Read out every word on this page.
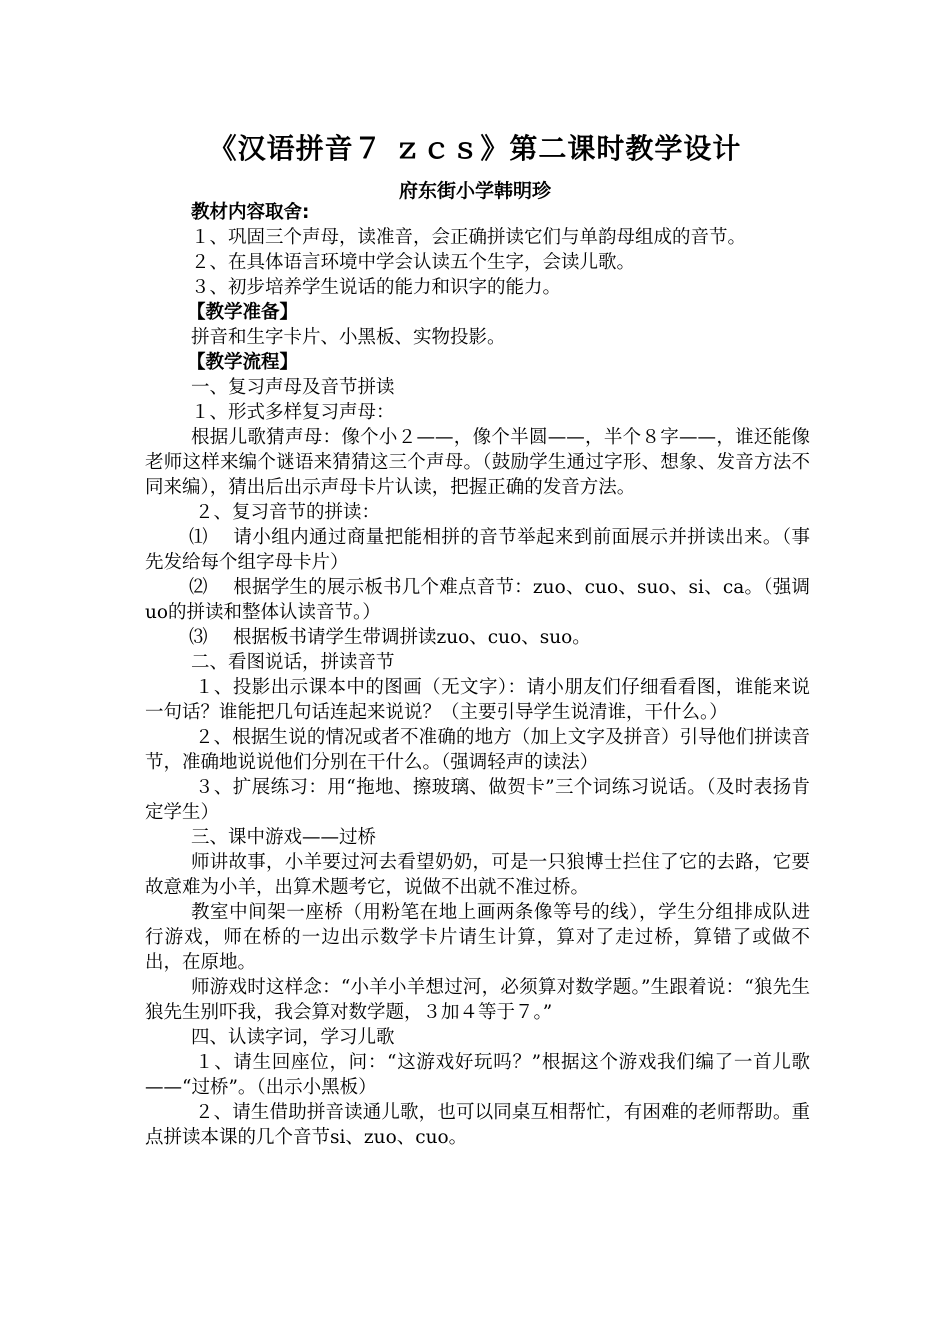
《汉语拼音７ ｚｃｓ》第二课时教学设计
府东街小学韩明珍

教材内容取舍:

１、巩固三个声母，读准音，会正确拼读它们与单韵母组成的音节。

２、在具体语言环境中学会认读五个生字，会读儿歌。

３、初步培养学生说话的能力和识字的能力。

【教学准备】

拼音和生字卡片、小黑板、实物投影。

【教学流程】

一、复习声母及音节拼读

１、形式多样复习声母：

根据儿歌猜声母：像个小２——，像个半圆——，半个８字——，谁还能像老师这样来编个谜语来猜猜这三个声母。（鼓励学生通过字形、想象、发音方法不同来编），猜出后出示声母卡片认读，把握正确的发音方法。

２、复习音节的拼读：

⑴ 请小组内通过商量把能相拼的音节举起来到前面展示并拼读出来。（事先发给每个组字母卡片）

⑵ 根据学生的展示板书几个难点音节：zuo、cuo、suo、si、ca。（强调uo的拼读和整体认读音节。）

⑶ 根据板书请学生带调拼读zuo、cuo、suo。

二、看图说话，拼读音节

１、投影出示课本中的图画（无文字）：请小朋友们仔细看看图，谁能来说一句话？谁能把几句话连起来说说？（主要引导学生说清谁，干什么。）

２、根据生说的情况或者不准确的地方（加上文字及拼音）引导他们拼读音节，准确地说说他们分别在干什么。（强调轻声的读法）

３、扩展练习：用“拖地、擦玻璃、做贺卡”三个词练习说话。（及时表扬肯定学生）

三、课中游戏——过桥

师讲故事，小羊要过河去看望奶奶，可是一只狼博士拦住了它的去路，它要故意难为小羊，出算术题考它，说做不出就不准过桥。

教室中间架一座桥（用粉笔在地上画两条像等号的线），学生分组排成队进行游戏，师在桥的一边出示数学卡片请生计算，算对了走过桥，算错了或做不出，在原地。

师游戏时这样念：“小羊小羊想过河，必须算对数学题。”生跟着说：“狼先生狼先生别吓我，我会算对数学题，３加４等于７。”

四、认读字词，学习儿歌

１、请生回座位，问：“这游戏好玩吗？”根据这个游戏我们编了一首儿歌——“过桥”。（出示小黑板）

２、请生借助拼音读通儿歌，也可以同桌互相帮忙，有困难的老师帮助。重点拼读本课的几个音节si、zuo、cuo。
